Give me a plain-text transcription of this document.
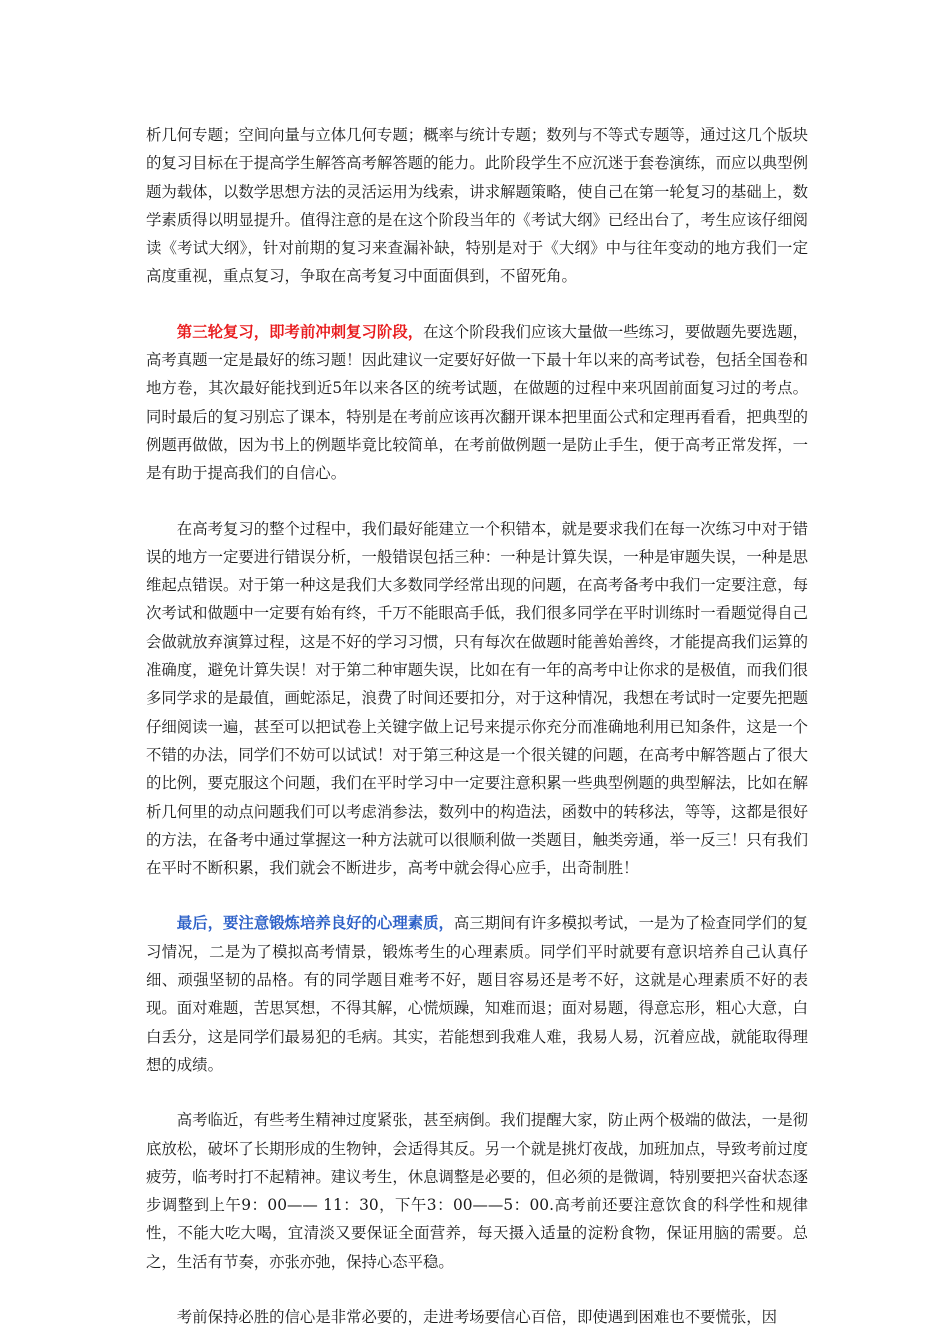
析几何专题；空间向量与立体几何专题；概率与统计专题；数列与不等式专题等，通过这几个版块的复习目标在于提高学生解答高考解答题的能力。此阶段学生不应沉迷于套卷演练，而应以典型例题为载体，以数学思想方法的灵活运用为线索，讲求解题策略，使自己在第一轮复习的基础上，数学素质得以明显提升。值得注意的是在这个阶段当年的《考试大纲》已经出台了，考生应该仔细阅读《考试大纲》，针对前期的复习来查漏补缺，特别是对于《大纲》中与往年变动的地方我们一定高度重视，重点复习，争取在高考复习中面面俱到，不留死角。

第三轮复习，即考前冲刺复习阶段，在这个阶段我们应该大量做一些练习，要做题先要选题，高考真题一定是最好的练习题！因此建议一定要好好做一下最十年以来的高考试卷，包括全国卷和地方卷，其次最好能找到近5年以来各区的统考试题，在做题的过程中来巩固前面复习过的考点。同时最后的复习别忘了课本，特别是在考前应该再次翻开课本把里面公式和定理再看看，把典型的例题再做做，因为书上的例题毕竟比较简单，在考前做例题一是防止手生，便于高考正常发挥，一是有助于提高我们的自信心。

在高考复习的整个过程中，我们最好能建立一个积错本，就是要求我们在每一次练习中对于错误的地方一定要进行错误分析，一般错误包括三种：一种是计算失误，一种是审题失误，一种是思维起点错误。对于第一种这是我们大多数同学经常出现的问题，在高考备考中我们一定要注意，每次考试和做题中一定要有始有终，千万不能眼高手低，我们很多同学在平时训练时一看题觉得自己会做就放弃演算过程，这是不好的学习习惯，只有每次在做题时能善始善终，才能提高我们运算的准确度，避免计算失误！对于第二种审题失误，比如在有一年的高考中让你求的是极值，而我们很多同学求的是最值，画蛇添足，浪费了时间还要扣分，对于这种情况，我想在考试时一定要先把题仔细阅读一遍，甚至可以把试卷上关键字做上记号来提示你充分而准确地利用已知条件，这是一个不错的办法，同学们不妨可以试试！对于第三种这是一个很关键的问题，在高考中解答题占了很大的比例，要克服这个问题，我们在平时学习中一定要注意积累一些典型例题的典型解法，比如在解析几何里的动点问题我们可以考虑消参法，数列中的构造法，函数中的转移法，等等，这都是很好的方法，在备考中通过掌握这一种方法就可以很顺利做一类题目，触类旁通，举一反三！只有我们在平时不断积累，我们就会不断进步，高考中就会得心应手，出奇制胜！

最后，要注意锻炼培养良好的心理素质，高三期间有许多模拟考试，一是为了检查同学们的复习情况，二是为了模拟高考情景，锻炼考生的心理素质。同学们平时就要有意识培养自己认真仔细、顽强坚韧的品格。有的同学题目难考不好，题目容易还是考不好，这就是心理素质不好的表现。面对难题，苦思冥想，不得其解，心慌烦躁，知难而退；面对易题，得意忘形，粗心大意，白白丢分，这是同学们最易犯的毛病。其实，若能想到我难人难，我易人易，沉着应战，就能取得理想的成绩。

高考临近，有些考生精神过度紧张，甚至病倒。我们提醒大家，防止两个极端的做法，一是彻底放松，破坏了长期形成的生物钟，会适得其反。另一个就是挑灯夜战，加班加点，导致考前过度疲劳，临考时打不起精神。建议考生，休息调整是必要的，但必须的是微调，特别要把兴奋状态逐步调整到上午9：00—— 11：30，下午3：00——5：00.高考前还要注意饮食的科学性和规律性，不能大吃大喝，宜清淡又要保证全面营养，每天摄入适量的淀粉食物，保证用脑的需要。总之，生活有节奏，亦张亦弛，保持心态平稳。

考前保持必胜的信心是非常必要的，走进考场要信心百倍，即使遇到困难也不要慌张，因
